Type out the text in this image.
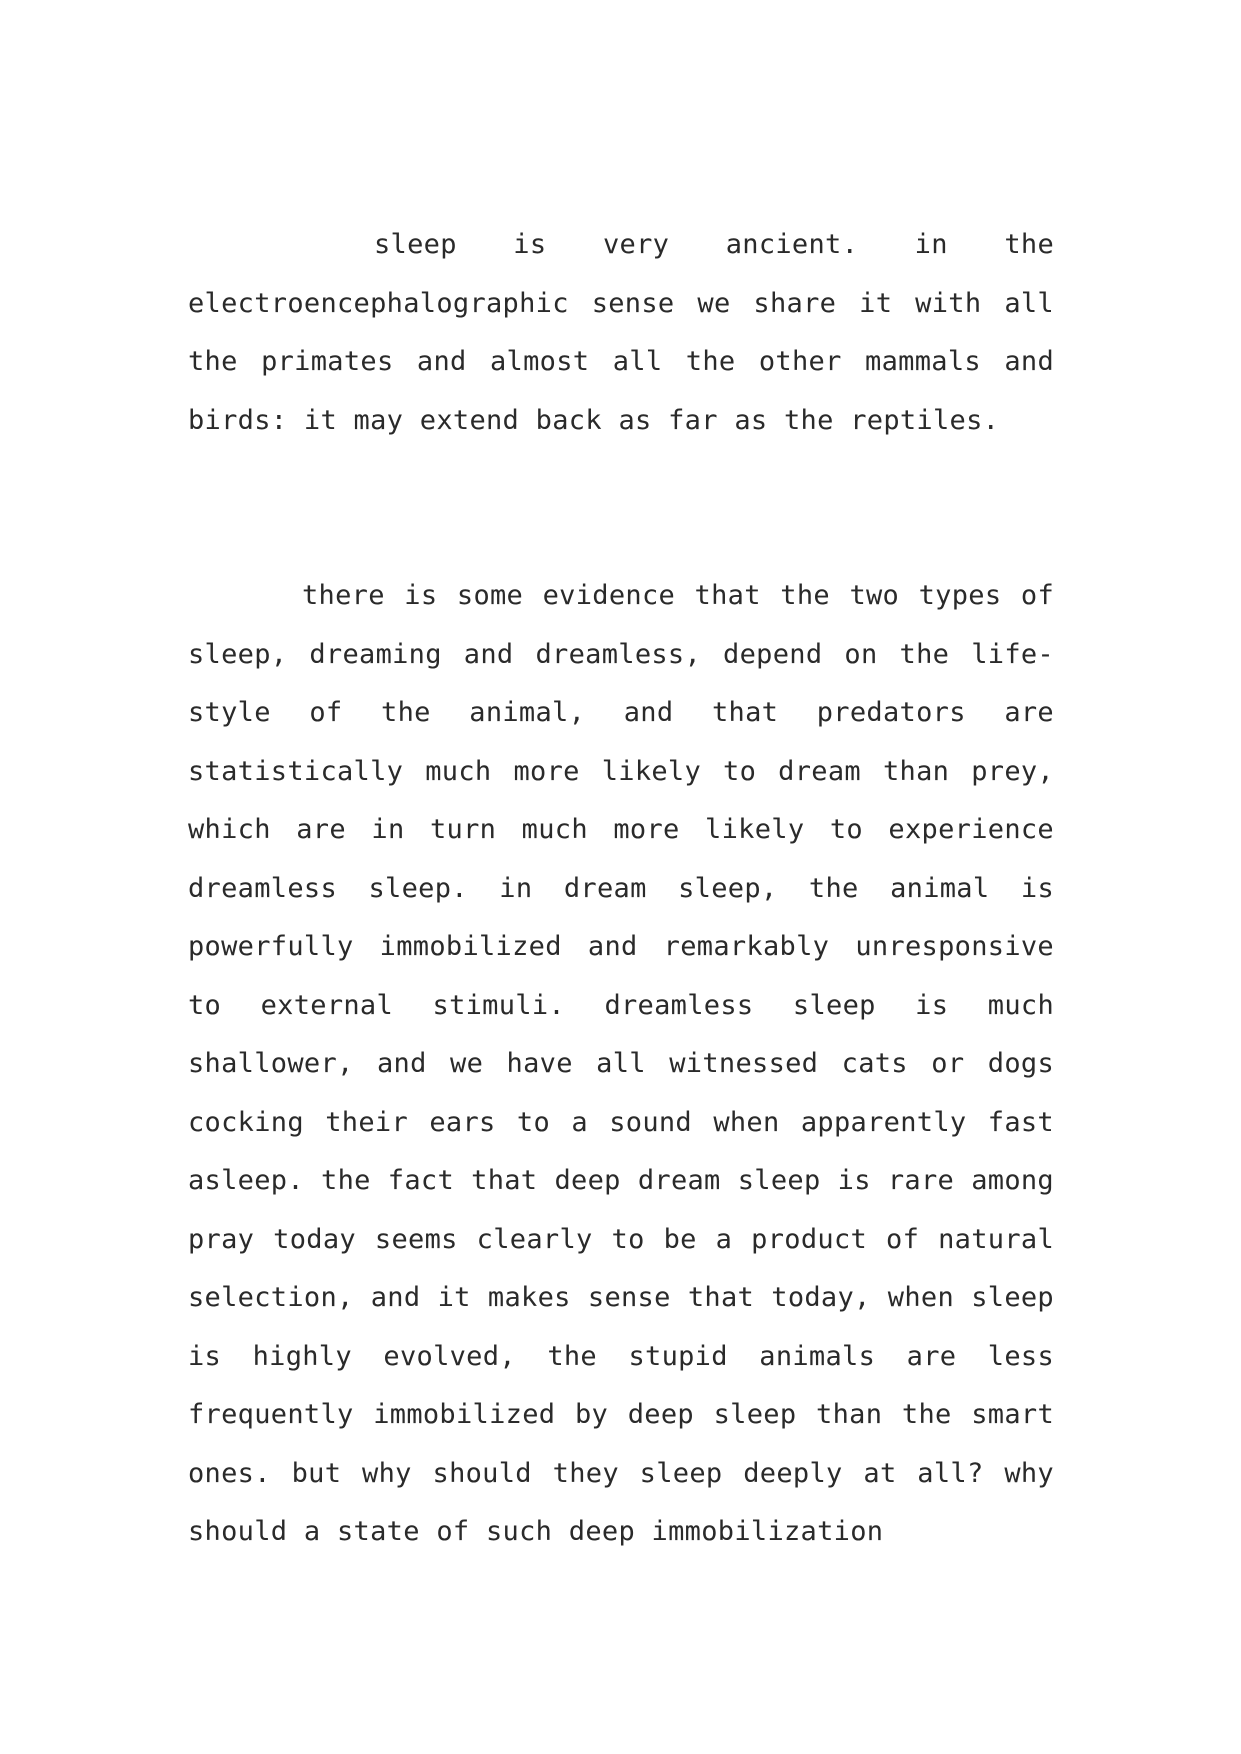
sleep is very ancient. in the electroencephalographic sense we share it with all the primates and almost all the other mammals and birds: it may extend back as far as the reptiles.

there is some evidence that the two types of sleep, dreaming and dreamless, depend on the life-style of the animal, and that predators are statistically much more likely to dream than prey, which are in turn much more likely to experience dreamless sleep. in dream sleep, the animal is powerfully immobilized and remarkably unresponsive to external stimuli. dreamless sleep is much shallower, and we have all witnessed cats or dogs cocking their ears to a sound when apparently fast asleep. the fact that deep dream sleep is rare among pray today seems clearly to be a product of natural selection, and it makes sense that today, when sleep is highly evolved, the stupid animals are less frequently immobilized by deep sleep than the smart ones. but why should they sleep deeply at all? why should a state of such deep immobilization
